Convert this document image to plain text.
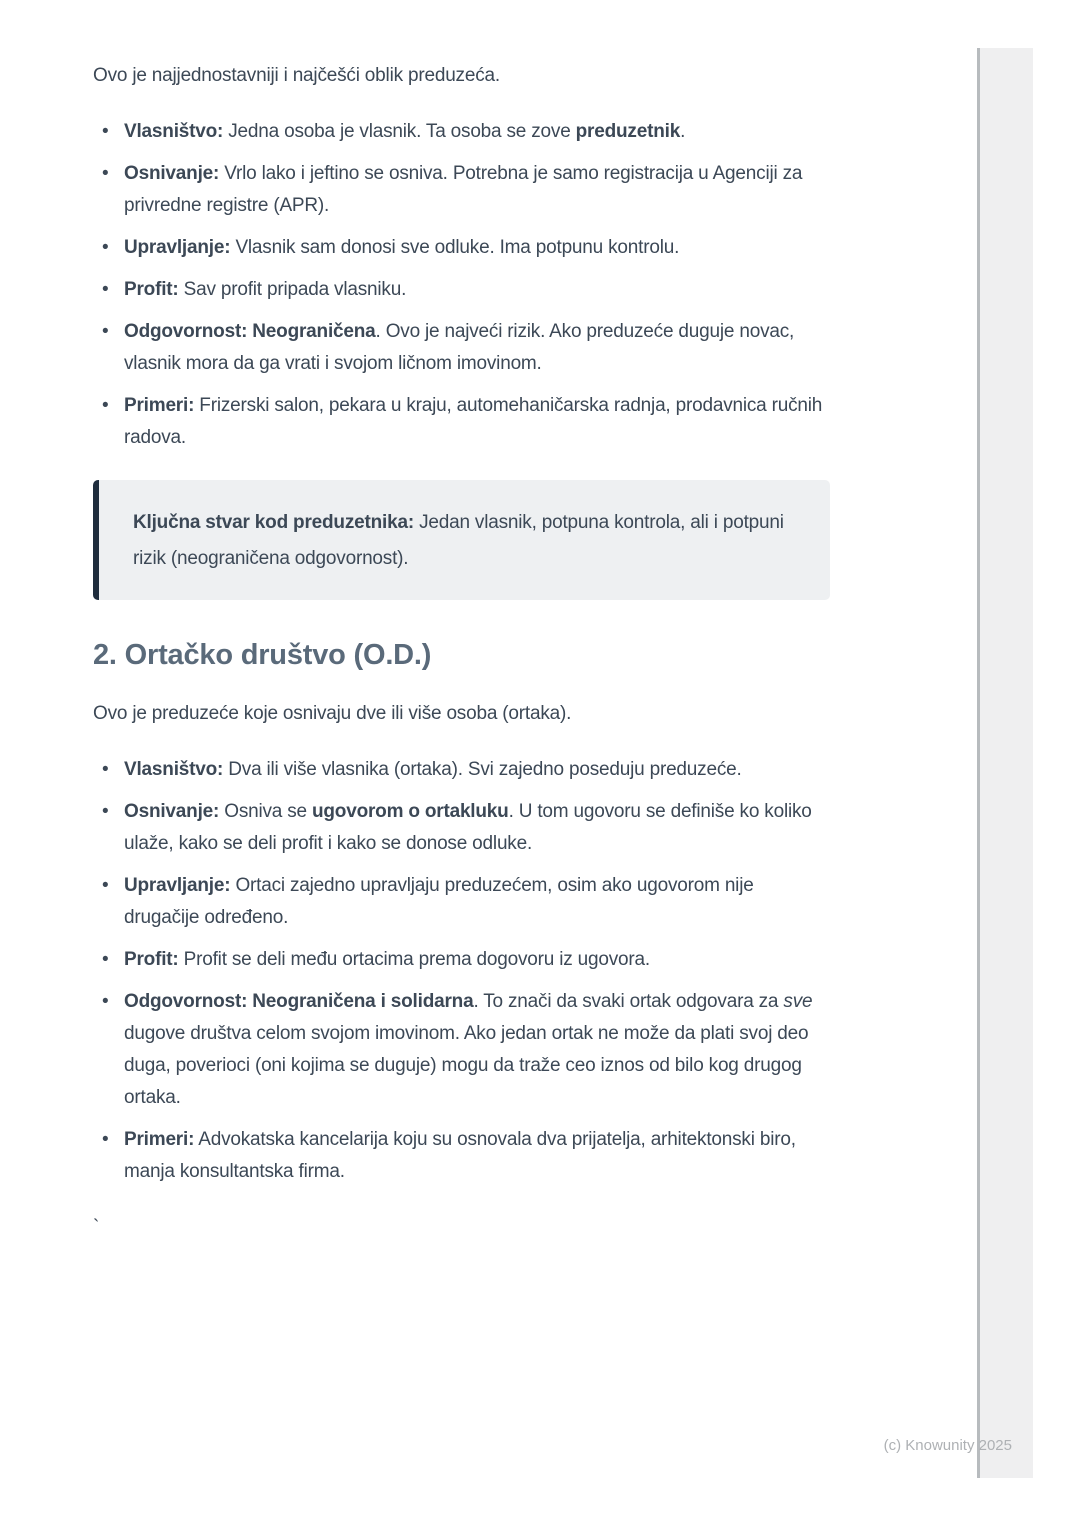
Ovo je najjednostavniji i najčešći oblik preduzeća.

• Vlasništvo: Jedna osoba je vlasnik. Ta osoba se zove preduzetnik.
• Osnivanje: Vrlo lako i jeftino se osniva. Potrebna je samo registracija u Agenciji za privredne registre (APR).
• Upravljanje: Vlasnik sam donosi sve odluke. Ima potpunu kontrolu.
• Profit: Sav profit pripada vlasniku.
• Odgovornost: Neograničena. Ovo je najveći rizik. Ako preduzeće duguje novac, vlasnik mora da ga vrati i svojom ličnom imovinom.
• Primeri: Frizerski salon, pekara u kraju, automehaničarska radnja, prodavnica ručnih radova.

Ključna stvar kod preduzetnika: Jedan vlasnik, potpuna kontrola, ali i potpuni rizik (neograničena odgovornost).

2. Ortačko društvo (O.D.)

Ovo je preduzeće koje osnivaju dve ili više osoba (ortaka).

• Vlasništvo: Dva ili više vlasnika (ortaka). Svi zajedno poseduju preduzeće.
• Osnivanje: Osniva se ugovorom o ortakluku. U tom ugovoru se definiše ko koliko ulaže, kako se deli profit i kako se donose odluke.
• Upravljanje: Ortaci zajedno upravljaju preduzećem, osim ako ugovorom nije drugačije određeno.
• Profit: Profit se deli među ortacima prema dogovoru iz ugovora.
• Odgovornost: Neograničena i solidarna. To znači da svaki ortak odgovara za sve dugove društva celom svojom imovinom. Ako jedan ortak ne može da plati svoj deo duga, poverioci (oni kojima se duguje) mogu da traže ceo iznos od bilo kog drugog ortaka.
• Primeri: Advokatska kancelarija koju su osnovala dva prijatelja, arhitektonski biro, manja konsultantska firma.

`

(c) Knowunity 2025
